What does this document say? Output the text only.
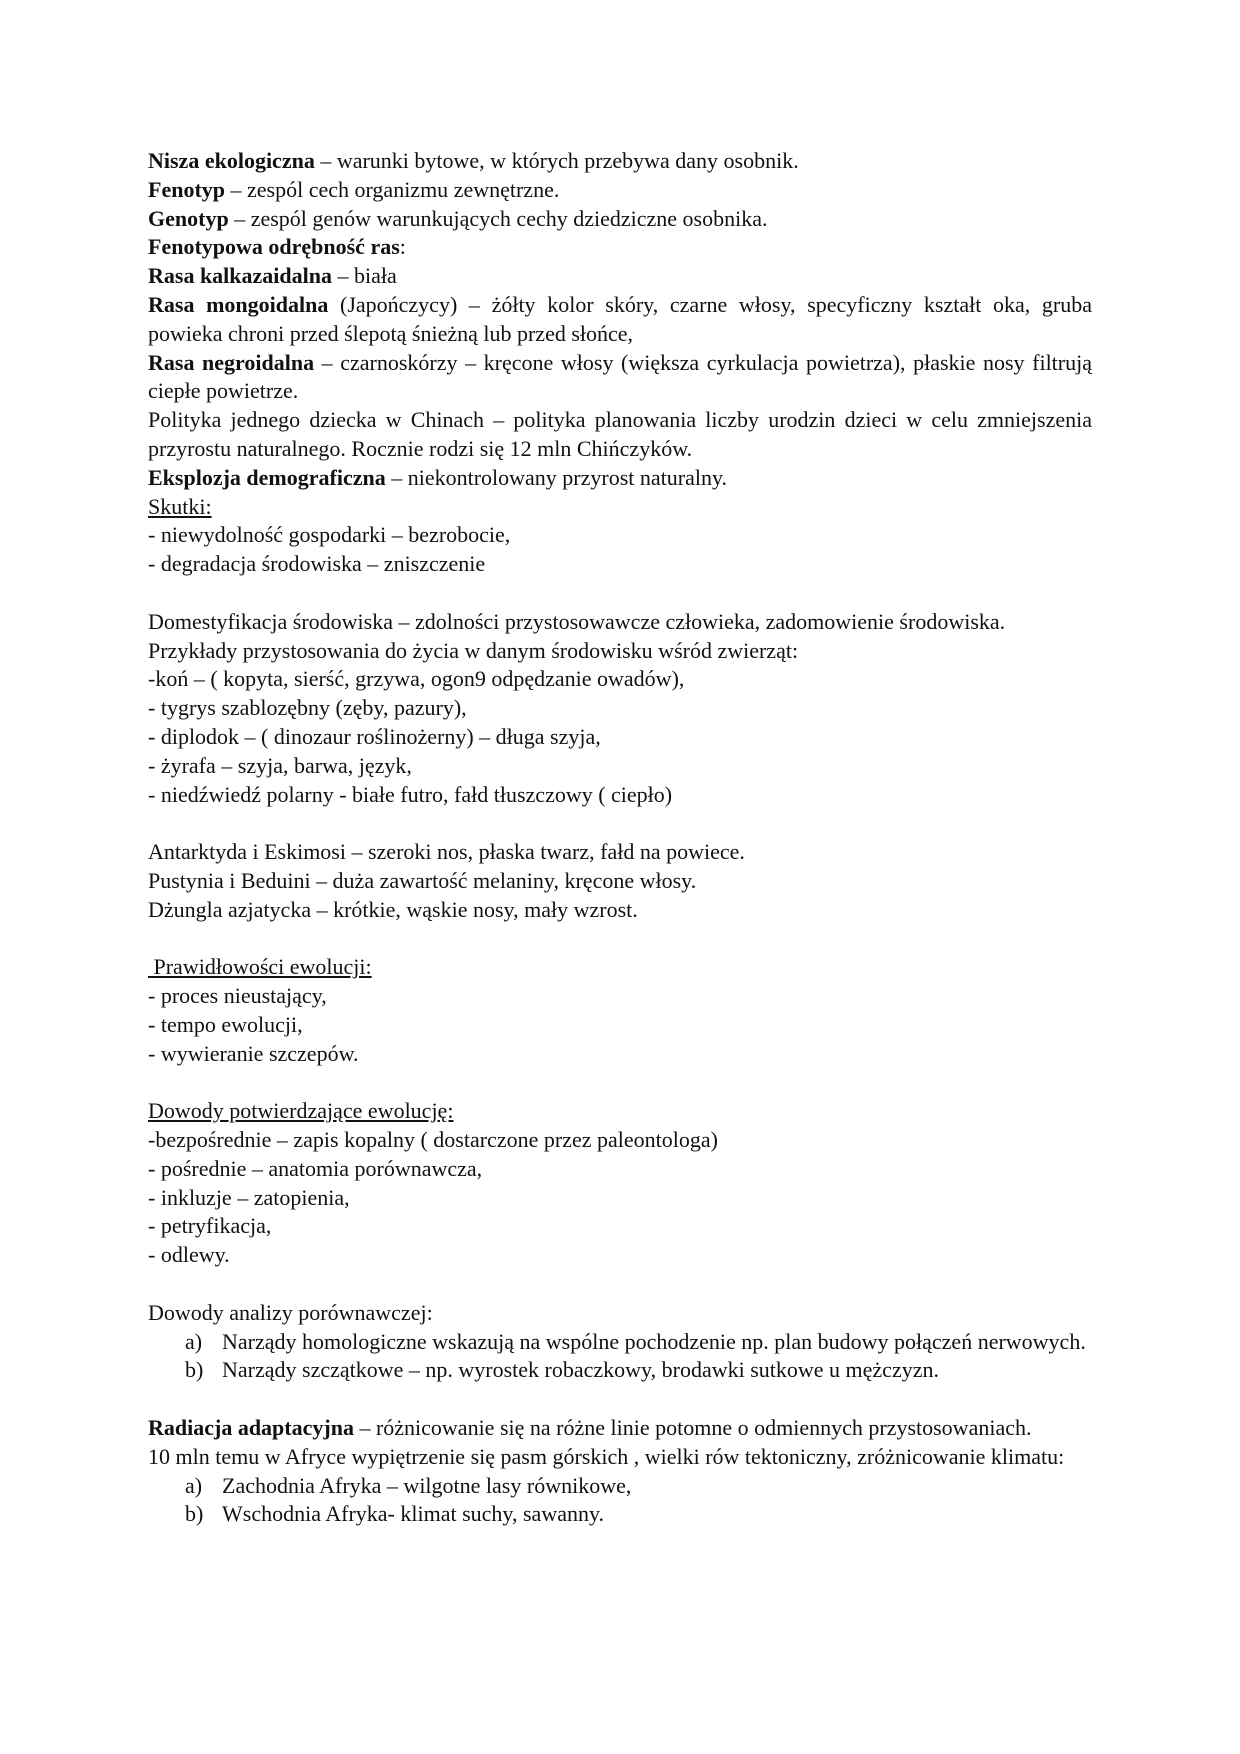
Nisza ekologiczna – warunki bytowe, w których przebywa dany osobnik.

Fenotyp – zespól cech organizmu zewnętrzne.

Genotyp – zespól genów warunkujących cechy dziedziczne osobnika.

Fenotypowa odrębność ras:

Rasa kalkazaidalna – biała

Rasa mongoidalna (Japończycy) – żółty kolor skóry, czarne włosy, specyficzny kształt oka, gruba powieka chroni przed ślepotą śnieżną lub przed słońce,

Rasa negroidalna – czarnoskórzy – kręcone włosy (większa cyrkulacja powietrza), płaskie nosy filtrują ciepłe powietrze.

Polityka jednego dziecka w Chinach – polityka planowania liczby urodzin dzieci w celu zmniejszenia przyrostu naturalnego. Rocznie rodzi się 12 mln Chińczyków.

Eksplozja demograficzna – niekontrolowany przyrost naturalny.

Skutki:

- niewydolność gospodarki – bezrobocie,

- degradacja środowiska – zniszczenie

Domestyfikacja środowiska – zdolności przystosowawcze człowieka, zadomowienie środowiska.

Przykłady przystosowania do życia w danym środowisku wśród zwierząt:

-koń – ( kopyta, sierść, grzywa, ogon9 odpędzanie owadów),

- tygrys szablozębny (zęby, pazury),

- diplodok – ( dinozaur roślinożerny) – długa szyja,

- żyrafa – szyja, barwa, język,

- niedźwiedź polarny - białe futro, fałd tłuszczowy ( ciepło)

Antarktyda i Eskimosi – szeroki nos, płaska twarz, fałd na powiece.

Pustynia i Beduini – duża zawartość melaniny, kręcone włosy.

Dżungla azjatycka – krótkie, wąskie nosy, mały wzrost.

Prawidłowości ewolucji:

- proces nieustający,

- tempo ewolucji,

- wywieranie szczepów.

Dowody potwierdzające ewolucję:

-bezpośrednie – zapis kopalny ( dostarczone przez paleontologa)

- pośrednie – anatomia porównawcza,

- inkluzje – zatopienia,

- petryfikacja,

- odlewy.

Dowody analizy porównawczej:

a) Narządy homologiczne wskazują na wspólne pochodzenie np. plan budowy połączeń nerwowych.
b) Narządy szczątkowe – np. wyrostek robaczkowy, brodawki sutkowe u mężczyzn.

Radiacja adaptacyjna – różnicowanie się na różne linie potomne o odmiennych przystosowaniach.

10 mln temu w Afryce wypiętrzenie się pasm górskich , wielki rów tektoniczny, zróżnicowanie klimatu:

a) Zachodnia Afryka – wilgotne lasy równikowe,
b) Wschodnia Afryka- klimat suchy, sawanny.
